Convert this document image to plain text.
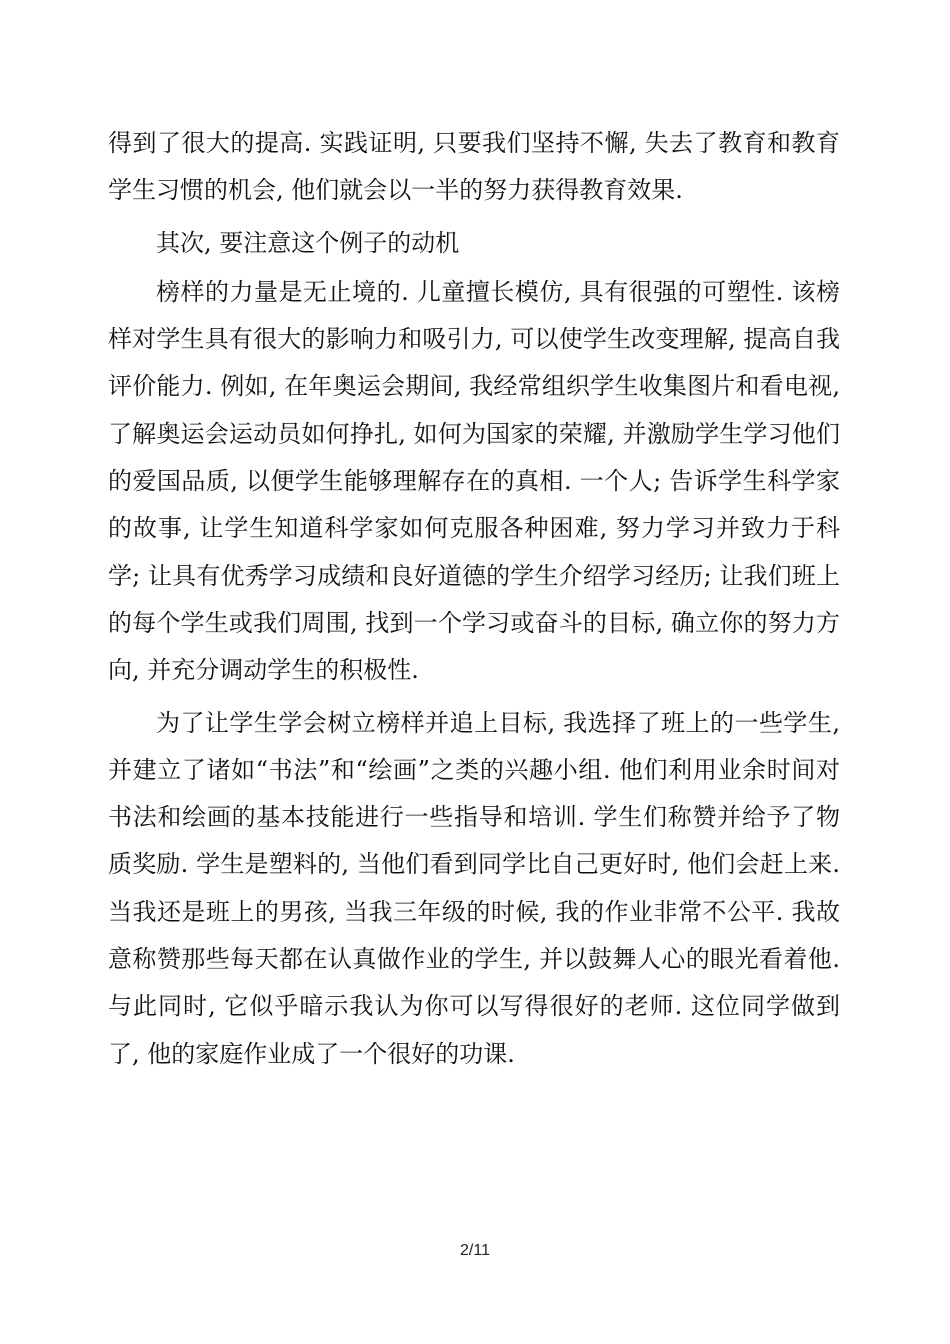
得到了很大的提高. 实践证明, 只要我们坚持不懈, 失去了教育和教育学生习惯的机会, 他们就会以一半的努力获得教育效果.

其次, 要注意这个例子的动机

榜样的力量是无止境的. 儿童擅长模仿, 具有很强的可塑性. 该榜样对学生具有很大的影响力和吸引力, 可以使学生改变理解, 提高自我评价能力. 例如, 在年奥运会期间, 我经常组织学生收集图片和看电视, 了解奥运会运动员如何挣扎, 如何为国家的荣耀, 并激励学生学习他们的爱国品质, 以便学生能够理解存在的真相. 一个人; 告诉学生科学家的故事, 让学生知道科学家如何克服各种困难, 努力学习并致力于科学; 让具有优秀学习成绩和良好道德的学生介绍学习经历; 让我们班上的每个学生或我们周围, 找到一个学习或奋斗的目标, 确立你的努力方向, 并充分调动学生的积极性.

为了让学生学会树立榜样并追上目标, 我选择了班上的一些学生, 并建立了诸如“书法”和“绘画”之类的兴趣小组. 他们利用业余时间对书法和绘画的基本技能进行一些指导和培训. 学生们称赞并给予了物质奖励. 学生是塑料的, 当他们看到同学比自己更好时, 他们会赶上来. 当我还是班上的男孩, 当我三年级的时候, 我的作业非常不公平. 我故意称赞那些每天都在认真做作业的学生, 并以鼓舞人心的眼光看着他. 与此同时, 它似乎暗示我认为你可以写得很好的老师. 这位同学做到了, 他的家庭作业成了一个很好的功课.

2/11
